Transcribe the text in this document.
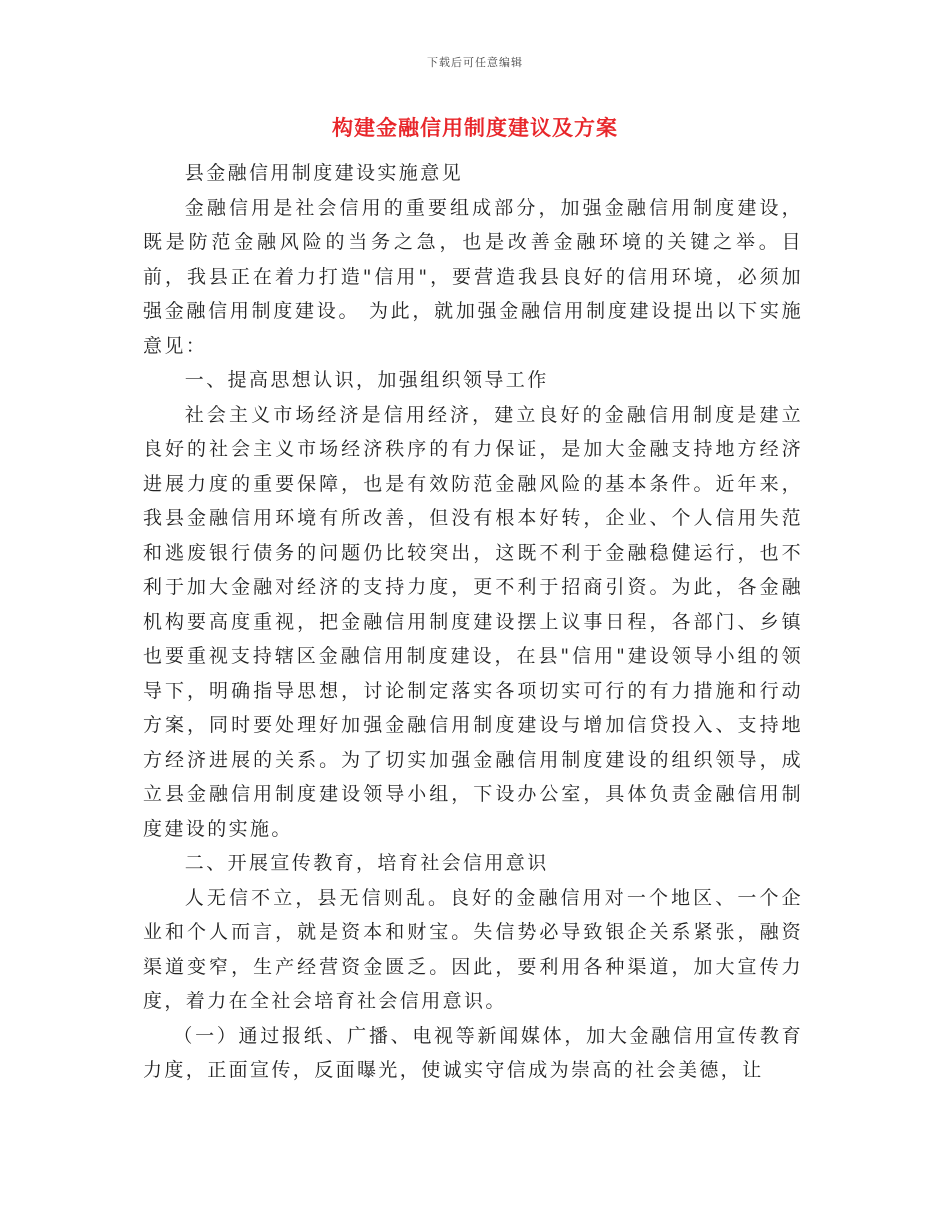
下载后可任意编辑

构建金融信用制度建议及方案

县金融信用制度建设实施意见

金融信用是社会信用的重要组成部分，加强金融信用制度建设，既是防范金融风险的当务之急，也是改善金融环境的关键之举。目前，我县正在着力打造"信用"，要营造我县良好的信用环境，必须加强金融信用制度建设。 为此，就加强金融信用制度建设提出以下实施意见：

一、提高思想认识，加强组织领导工作

社会主义市场经济是信用经济，建立良好的金融信用制度是建立良好的社会主义市场经济秩序的有力保证，是加大金融支持地方经济进展力度的重要保障，也是有效防范金融风险的基本条件。近年来，我县金融信用环境有所改善，但没有根本好转，企业、个人信用失范和逃废银行债务的问题仍比较突出，这既不利于金融稳健运行，也不利于加大金融对经济的支持力度，更不利于招商引资。为此，各金融机构要高度重视，把金融信用制度建设摆上议事日程，各部门、乡镇也要重视支持辖区金融信用制度建设，在县"信用"建设领导小组的领导下，明确指导思想，讨论制定落实各项切实可行的有力措施和行动方案，同时要处理好加强金融信用制度建设与增加信贷投入、支持地方经济进展的关系。为了切实加强金融信用制度建设的组织领导，成立县金融信用制度建设领导小组，下设办公室，具体负责金融信用制度建设的实施。

二、开展宣传教育，培育社会信用意识

人无信不立，县无信则乱。良好的金融信用对一个地区、一个企业和个人而言，就是资本和财宝。失信势必导致银企关系紧张，融资渠道变窄，生产经营资金匮乏。因此，要利用各种渠道，加大宣传力度，着力在全社会培育社会信用意识。

（一）通过报纸、广播、电视等新闻媒体，加大金融信用宣传教育力度，正面宣传，反面曝光，使诚实守信成为崇高的社会美德，让
